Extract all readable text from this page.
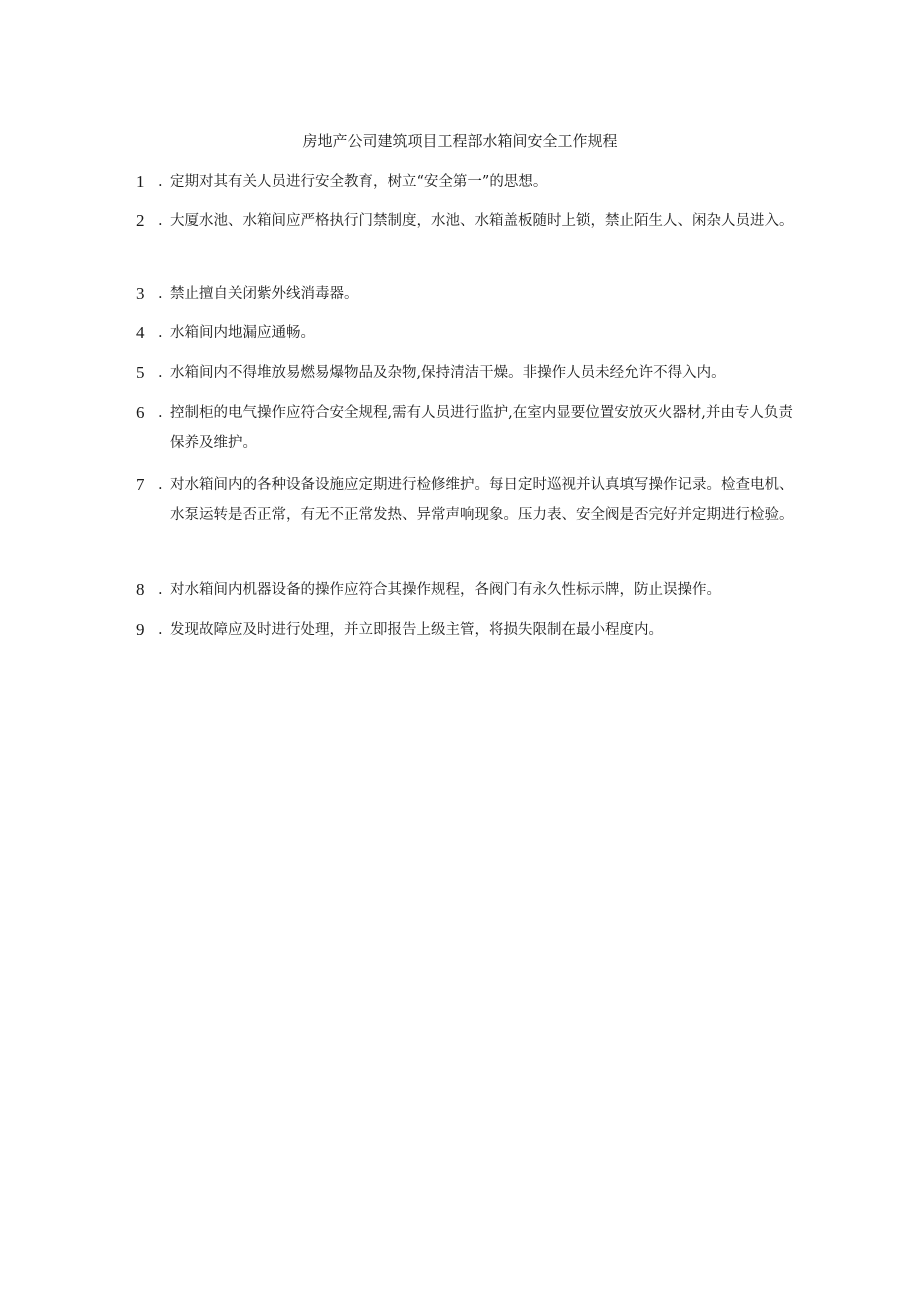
房地产公司建筑项目工程部水箱间安全工作规程
1 . 定期对其有关人员进行安全教育，树立“安全第一”的思想。
2 . 大厦水池、水箱间应严格执行门禁制度，水池、水箱盖板随时上锁，禁止陌生人、闲杂人员进入。
3 . 禁止擅自关闭紫外线消毒器。
4 . 水箱间内地漏应通畅。
5 . 水箱间内不得堆放易燃易爆物品及杂物,保持清洁干燥。非操作人员未经允许不得入内。
6 . 控制柜的电气操作应符合安全规程,需有人员进行监护,在室内显要位置安放灭火器材,并由专人负责保养及维护。
7 . 对水箱间内的各种设备设施应定期进行检修维护。每日定时巡视并认真填写操作记录。检查电机、水泵运转是否正常，有无不正常发热、异常声响现象。压力表、安全阀是否完好并定期进行检验。
8 . 对水箱间内机器设备的操作应符合其操作规程，各阀门有永久性标示牌，防止误操作。
9 . 发现故障应及时进行处理，并立即报告上级主管，将损失限制在最小程度内。
